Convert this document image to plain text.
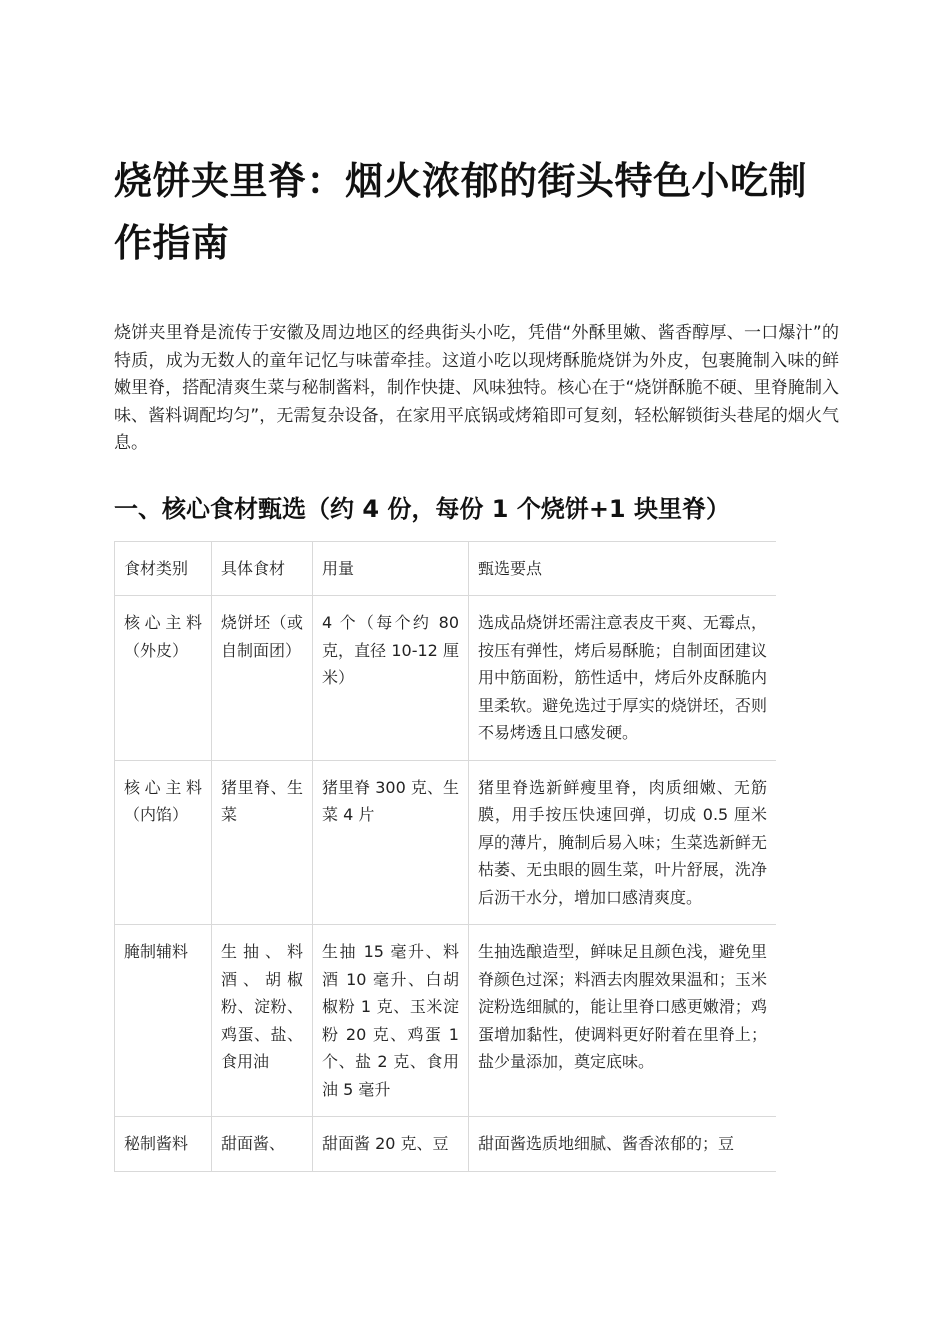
烧饼夹里脊：烟火浓郁的街头特色小吃制作指南

烧饼夹里脊是流传于安徽及周边地区的经典街头小吃，凭借“外酥里嫩、酱香醇厚、一口爆汁”的特质，成为无数人的童年记忆与味蕾牵挂。这道小吃以现烤酥脆烧饼为外皮，包裹腌制入味的鲜嫩里脊，搭配清爽生菜与秘制酱料，制作快捷、风味独特。核心在于“烧饼酥脆不硬、里脊腌制入味、酱料调配均匀”，无需复杂设备，在家用平底锅或烤箱即可复刻，轻松解锁街头巷尾的烟火气息。

一、核心食材甄选（约 4 份，每份 1 个烧饼+1 块里脊）
食材类别	具体食材	用量	甄选要点
核心主料（外皮）	烧饼坯（或自制面团）	4 个（每个约 80 克，直径 10-12 厘米）	选成品烧饼坯需注意表皮干爽、无霉点，按压有弹性，烤后易酥脆；自制面团建议用中筋面粉，筋性适中，烤后外皮酥脆内里柔软。避免选过于厚实的烧饼坯，否则不易烤透且口感发硬。
核心主料（内馅）	猪里脊、生菜	猪里脊 300 克、生菜 4 片	猪里脊选新鲜瘦里脊，肉质细嫩、无筋膜，用手按压快速回弹，切成 0.5 厘米厚的薄片，腌制后易入味；生菜选新鲜无枯萎、无虫眼的圆生菜，叶片舒展，洗净后沥干水分，增加口感清爽度。
腌制辅料	生抽、料酒、胡椒粉、淀粉、鸡蛋、盐、食用油	生抽 15 毫升、料酒 10 毫升、白胡椒粉 1 克、玉米淀粉 20 克、鸡蛋 1 个、盐 2 克、食用油 5 毫升	生抽选酿造型，鲜味足且颜色浅，避免里脊颜色过深；料酒去肉腥效果温和；玉米淀粉选细腻的，能让里脊口感更嫩滑；鸡蛋增加黏性，使调料更好附着在里脊上；盐少量添加，奠定底味。
秘制酱料	甜面酱、	甜面酱 20 克、豆	甜面酱选质地细腻、酱香浓郁的；豆
